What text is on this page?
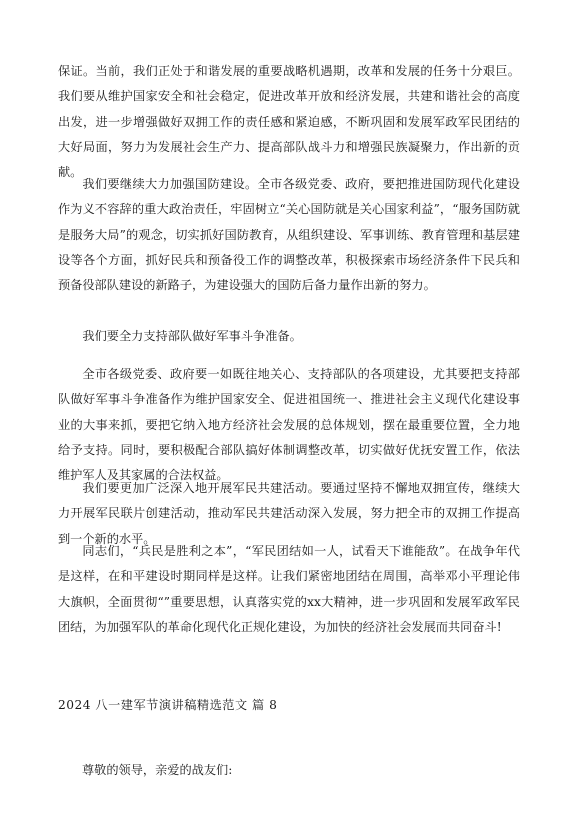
保证。当前，我们正处于和谐发展的重要战略机遇期，改革和发展的任务十分艰巨。我们要从维护国家安全和社会稳定，促进改革开放和经济发展，共建和谐社会的高度出发，进一步增强做好双拥工作的责任感和紧迫感，不断巩固和发展军政军民团结的大好局面，努力为发展社会生产力、提高部队战斗力和增强民族凝聚力，作出新的贡献。

我们要继续大力加强国防建设。全市各级党委、政府，要把推进国防现代化建设作为义不容辞的重大政治责任，牢固树立“关心国防就是关心国家利益”，“服务国防就是服务大局”的观念，切实抓好国防教育，从组织建设、军事训练、教育管理和基层建设等各个方面，抓好民兵和预备役工作的调整改革，积极探索市场经济条件下民兵和预备役部队建设的新路子，为建设强大的国防后备力量作出新的努力。

我们要全力支持部队做好军事斗争准备。

全市各级党委、政府要一如既往地关心、支持部队的各项建设，尤其要把支持部队做好军事斗争准备作为维护国家安全、促进祖国统一、推进社会主义现代化建设事业的大事来抓，要把它纳入地方经济社会发展的总体规划，摆在最重要位置，全力地给予支持。同时，要积极配合部队搞好体制调整改革，切实做好优抚安置工作，依法维护军人及其家属的合法权益。

我们要更加广泛深入地开展军民共建活动。要通过坚持不懈地双拥宣传，继续大力开展军民联片创建活动，推动军民共建活动深入发展，努力把全市的双拥工作提高到一个新的水平。

同志们，“兵民是胜利之本”，“军民团结如一人，试看天下谁能敌”。在战争年代是这样，在和平建设时期同样是这样。让我们紧密地团结在周围，高举邓小平理论伟大旗帜，全面贯彻“”重要思想，认真落实党的xx大精神，进一步巩固和发展军政军民团结，为加强军队的革命化现代化正规化建设，为加快的经济社会发展而共同奋斗!

2024 八一建军节演讲稿精选范文 篇 8

尊敬的领导，亲爱的战友们:
